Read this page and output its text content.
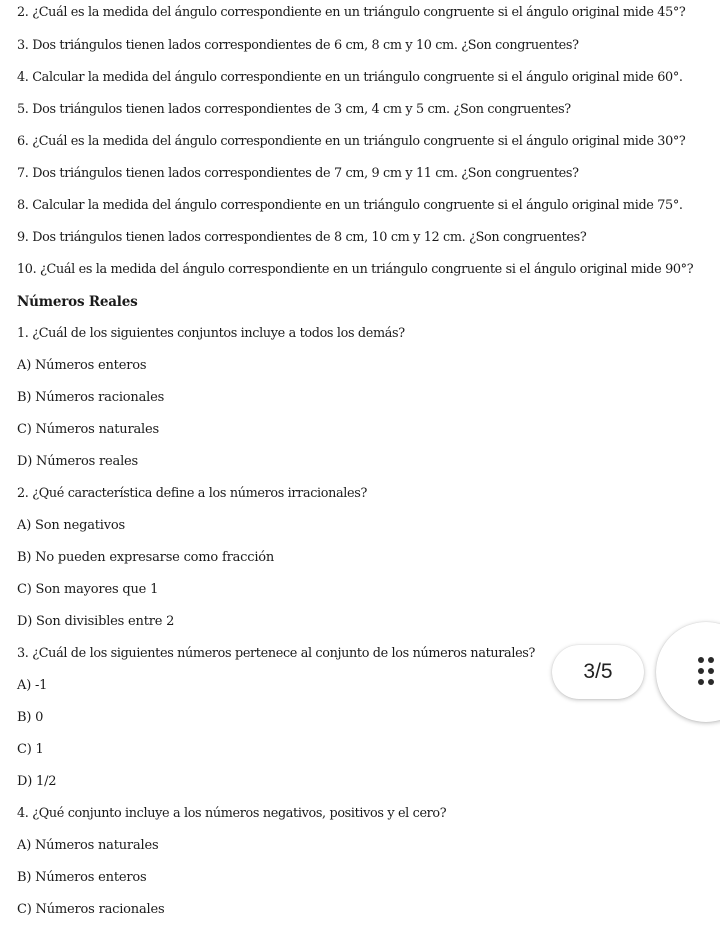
2. ¿Cuál es la medida del ángulo correspondiente en un triángulo congruente si el ángulo original mide 45°?
3. Dos triángulos tienen lados correspondientes de 6 cm, 8 cm y 10 cm. ¿Son congruentes?
4. Calcular la medida del ángulo correspondiente en un triángulo congruente si el ángulo original mide 60°.
5. Dos triángulos tienen lados correspondientes de 3 cm, 4 cm y 5 cm. ¿Son congruentes?
6. ¿Cuál es la medida del ángulo correspondiente en un triángulo congruente si el ángulo original mide 30°?
7. Dos triángulos tienen lados correspondientes de 7 cm, 9 cm y 11 cm. ¿Son congruentes?
8. Calcular la medida del ángulo correspondiente en un triángulo congruente si el ángulo original mide 75°.
9. Dos triángulos tienen lados correspondientes de 8 cm, 10 cm y 12 cm. ¿Son congruentes?
10. ¿Cuál es la medida del ángulo correspondiente en un triángulo congruente si el ángulo original mide 90°?
Números Reales
1. ¿Cuál de los siguientes conjuntos incluye a todos los demás?
A) Números enteros
B) Números racionales
C) Números naturales
D) Números reales
2. ¿Qué característica define a los números irracionales?
A) Son negativos
B) No pueden expresarse como fracción
C) Son mayores que 1
D) Son divisibles entre 2
3. ¿Cuál de los siguientes números pertenece al conjunto de los números naturales?
A) -1
B) 0
C) 1
D) 1/2
4. ¿Qué conjunto incluye a los números negativos, positivos y el cero?
A) Números naturales
B) Números enteros
C) Números racionales
3/5
